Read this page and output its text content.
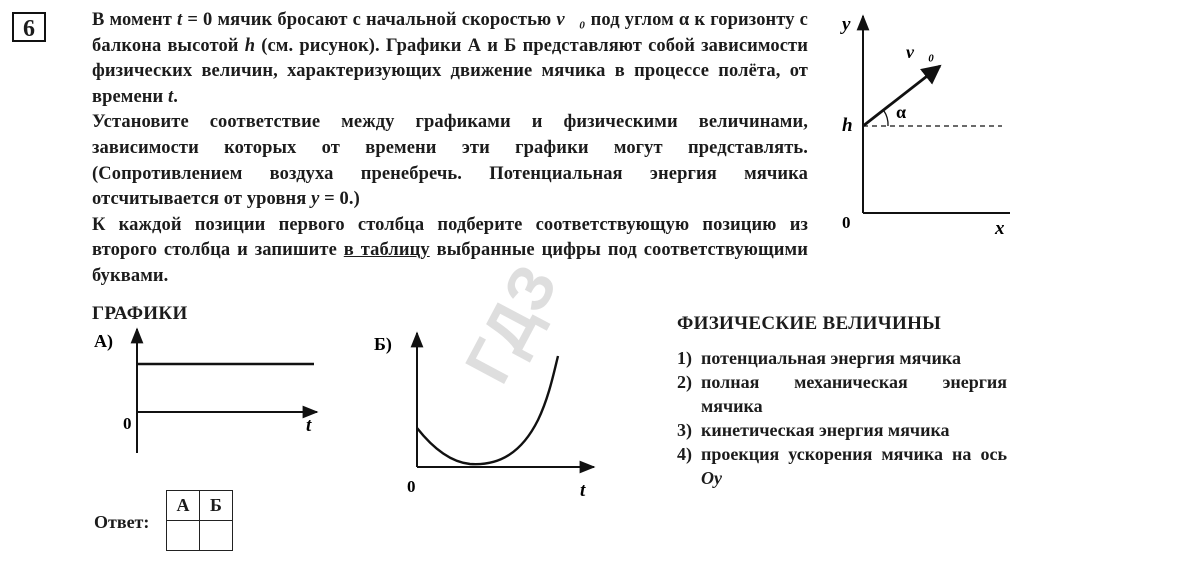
6	В момент t = 0 мячик бросают с начальной скоростью v⃗₀ под углом α к горизонту с балкона высотой h (см. рисунок). Графики А и Б представляют собой зависимости физических величин, характеризующих движение мячика в процессе полёта, от времени t.

Установите соответствие между графиками и физическими величинами, зависимости которых от времени эти графики могут представлять. (Сопротивлением воздуха пренебречь. Потенциальная энергия мячика отсчитывается от уровня y = 0.)

К каждой позиции первого столбца подберите соответствующую позицию из второго столбца и запишите в таблицу выбранные цифры под соответствующими буквами.

y
x
0
h
v⃗₀
α
ГРАФИКИ
А)
0	t
Б)
0	t
Ответ:
А	Б

ФИЗИЧЕСКИЕ ВЕЛИЧИНЫ
1) потенциальная энергия мячика
2) полная механическая энергия мячика
3) кинетическая энергия мячика
4) проекция ускорения мячика на ось Oy
ГДЗ
